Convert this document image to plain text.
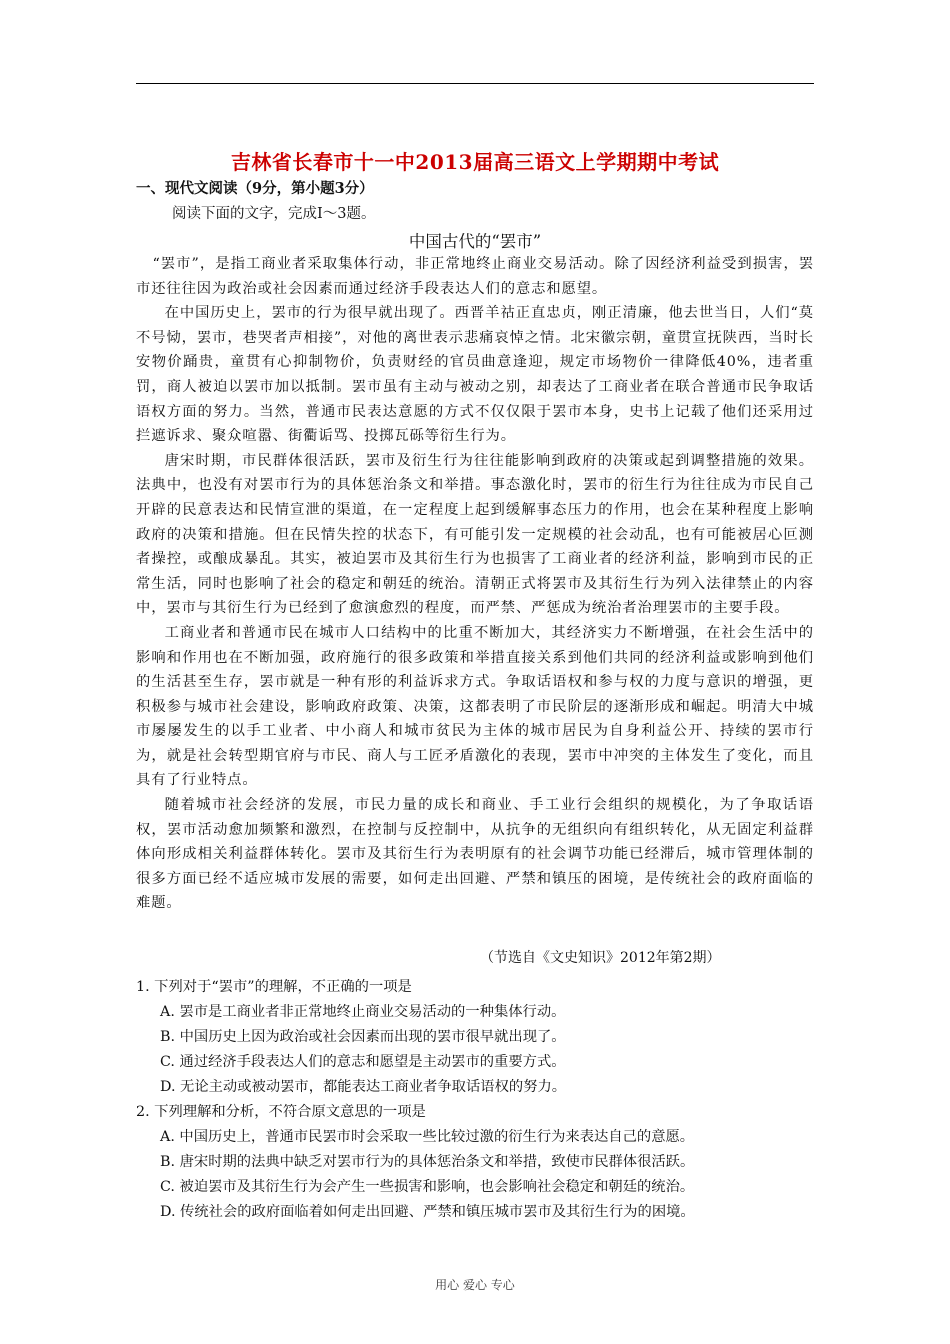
吉林省长春市十一中2013届高三语文上学期期中考试
一、现代文阅读（9分，第小题3分）
阅读下面的文字，完成Ⅰ～3题。
中国古代的“罢市”

“罢市”，是指工商业者采取集体行动，非正常地终止商业交易活动。除了因经济利益受到损害，罢市还往往因为政治或社会因素而通过经济手段表达人们的意志和愿望。

在中国历史上，罢市的行为很早就出现了。西晋羊祜正直忠贞，刚正清廉，他去世当日，人们“莫不号恸，罢市，巷哭者声相接”，对他的离世表示悲痛哀悼之情。北宋徽宗朝，童贯宣抚陕西，当时长安物价踊贵，童贯有心抑制物价，负责财经的官员曲意逢迎，规定市场物价一律降低40%，违者重罚，商人被迫以罢市加以抵制。罢市虽有主动与被动之别，却表达了工商业者在联合普通市民争取话语权方面的努力。当然，普通市民表达意愿的方式不仅仅限于罢市本身，史书上记载了他们还采用过拦遮诉求、聚众喧嚣、街衢诟骂、投掷瓦砾等衍生行为。

唐宋时期，市民群体很活跃，罢市及衍生行为往往能影响到政府的决策或起到调整措施的效果。法典中，也没有对罢市行为的具体惩治条文和举措。事态激化时，罢市的衍生行为往往成为市民自己开辟的民意表达和民情宣泄的渠道，在一定程度上起到缓解事态压力的作用，也会在某种程度上影响政府的决策和措施。但在民情失控的状态下，有可能引发一定规模的社会动乱，也有可能被居心叵测者操控，或酿成暴乱。其实，被迫罢市及其衍生行为也损害了工商业者的经济利益，影响到市民的正常生活，同时也影响了社会的稳定和朝廷的统治。清朝正式将罢市及其衍生行为列入法律禁止的内容中，罢市与其衍生行为已经到了愈演愈烈的程度，而严禁、严惩成为统治者治理罢市的主要手段。

工商业者和普通市民在城市人口结构中的比重不断加大，其经济实力不断增强，在社会生活中的影响和作用也在不断加强，政府施行的很多政策和举措直接关系到他们共同的经济利益或影响到他们的生活甚至生存，罢市就是一种有形的利益诉求方式。争取话语权和参与权的力度与意识的增强，更积极参与城市社会建设，影响政府政策、决策，这都表明了市民阶层的逐渐形成和崛起。明清大中城市屡屡发生的以手工业者、中小商人和城市贫民为主体的城市居民为自身利益公开、持续的罢市行为，就是社会转型期官府与市民、商人与工匠矛盾激化的表现，罢市中冲突的主体发生了变化，而且具有了行业特点。

随着城市社会经济的发展，市民力量的成长和商业、手工业行会组织的规模化，为了争取话语权，罢市活动愈加频繁和激烈，在控制与反控制中，从抗争的无组织向有组织转化，从无固定利益群体向形成相关利益群体转化。罢市及其衍生行为表明原有的社会调节功能已经滞后，城市管理体制的很多方面已经不适应城市发展的需要，如何走出回避、严禁和镇压的困境，是传统社会的政府面临的难题。

（节选自《文史知识》2012年第2期）

1. 下列对于“罢市”的理解，不正确的一项是

A. 罢市是工商业者非正常地终止商业交易活动的一种集体行动。

B. 中国历史上因为政治或社会因素而出现的罢市很早就出现了。

C. 通过经济手段表达人们的意志和愿望是主动罢市的重要方式。

D. 无论主动或被动罢市，都能表达工商业者争取话语权的努力。

2. 下列理解和分析，不符合原文意思的一项是

A. 中国历史上，普通市民罢市时会采取一些比较过激的衍生行为来表达自己的意愿。

B. 唐宋时期的法典中缺乏对罢市行为的具体惩治条文和举措，致使市民群体很活跃。

C. 被迫罢市及其衍生行为会产生一些损害和影响，也会影响社会稳定和朝廷的统治。

D. 传统社会的政府面临着如何走出回避、严禁和镇压城市罢市及其衍生行为的困境。

用心 爱心 专心
